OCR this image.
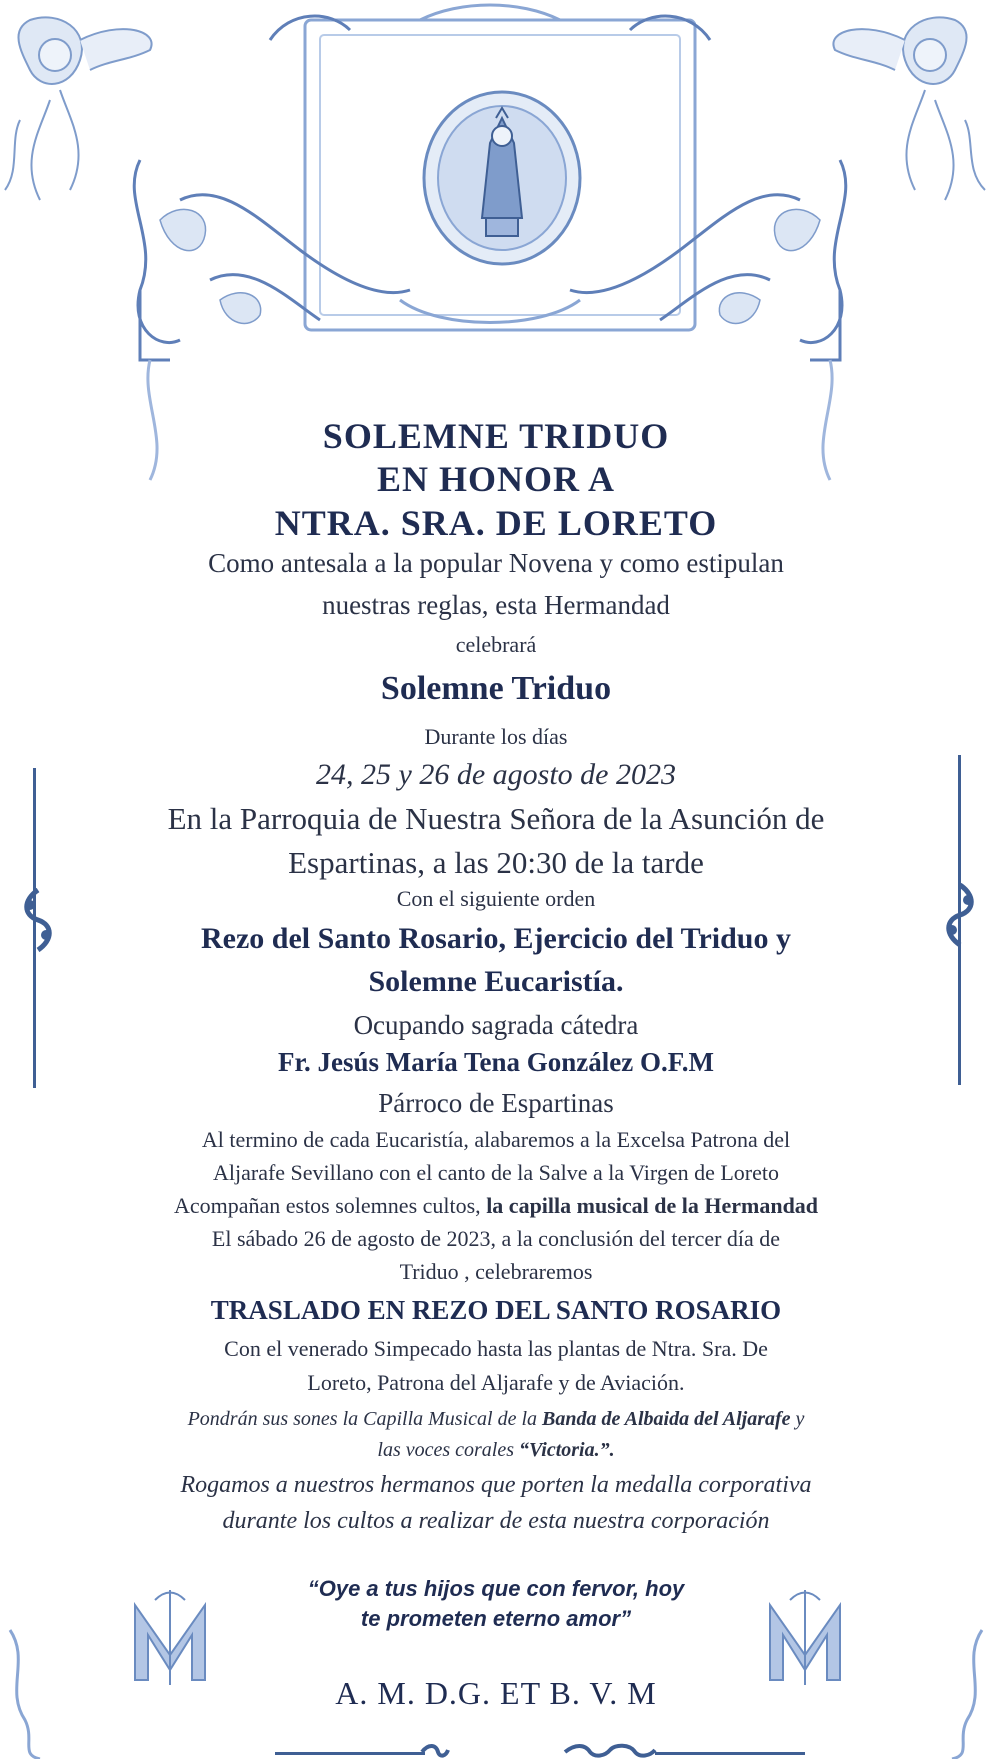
SOLEMNE TRIDUO
EN HONOR A
NTRA. SRA. DE LORETO
Como antesala a la popular Novena y como estipulan
nuestras reglas, esta Hermandad
celebrará
Solemne Triduo
Durante los días
24, 25 y 26 de agosto de 2023
En la Parroquia de Nuestra Señora de la Asunción de
Espartinas, a las 20:30 de la tarde
Con el siguiente orden
Rezo del Santo Rosario, Ejercicio del Triduo y
Solemne Eucaristía.
Ocupando sagrada cátedra
Fr. Jesús María Tena González O.F.M
Párroco de Espartinas
Al termino de cada Eucaristía, alabaremos a la Excelsa Patrona del
Aljarafe Sevillano con el canto de la Salve a la Virgen de Loreto
Acompañan estos solemnes cultos, la capilla musical de la Hermandad
El sábado 26 de agosto de 2023, a la conclusión del tercer día de
Triduo , celebraremos
TRASLADO EN REZO DEL SANTO ROSARIO
Con el venerado Simpecado hasta las plantas de Ntra. Sra. De
Loreto, Patrona del Aljarafe y de Aviación.
Pondrán sus sones la Capilla Musical de la Banda de Albaida del Aljarafe y
las voces corales “Victoria.”.
Rogamos a nuestros hermanos que porten la medalla corporativa
durante los cultos a realizar de esta nuestra corporación
“Oye a tus hijos que con fervor, hoy
te prometen eterno amor”
A. M. D.G. ET B. V. M
